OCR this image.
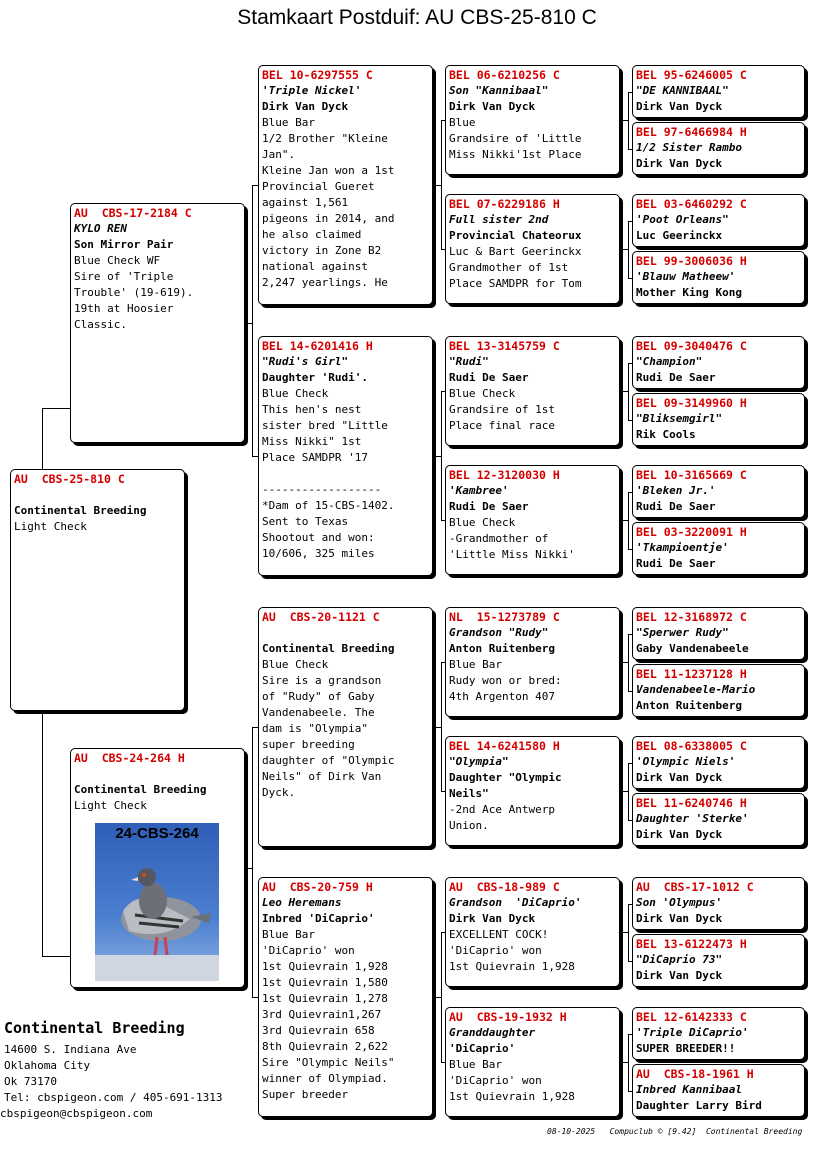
Stamkaart Postduif: AU CBS-25-810 C
AU  CBS-25-810 C
Continental Breeding
Light Check
AU  CBS-17-2184 C
KYLO REN
Son Mirror Pair
Blue Check WF
Sire of 'Triple
Trouble' (19-619).
19th at Hoosier
Classic.
AU  CBS-24-264 H
Continental Breeding
Light Check
24-CBS-264
BEL 10-6297555 C
'Triple Nickel'
Dirk Van Dyck
Blue Bar
1/2 Brother "Kleine
Jan".
Kleine Jan won a 1st
Provincial Gueret
against 1,561
pigeons in 2014, and
he also claimed
victory in Zone B2
national against
2,247 yearlings. He
BEL 14-6201416 H
"Rudi's Girl"
Daughter 'Rudi'.
Blue Check
This hen's nest
sister bred "Little
Miss Nikki" 1st
Place SAMDPR '17
------------------
*Dam of 15-CBS-1402.
Sent to Texas
Shootout and won:
10/606, 325 miles
AU  CBS-20-1121 C
Continental Breeding
Blue Check
Sire is a grandson
of "Rudy" of Gaby
Vandenabeele. The
dam is "Olympia"
super breeding
daughter of "Olympic
Neils" of Dirk Van
Dyck.
AU  CBS-20-759 H
Leo Heremans
Inbred 'DiCaprio'
Blue Bar
'DiCaprio' won
1st Quievrain 1,928
1st Quievrain 1,580
1st Quievrain 1,278
3rd Quievrain1,267
3rd Quievrain 658
8th Quievrain 2,622
Sire "Olympic Neils"
winner of Olympiad.
Super breeder
BEL 06-6210256 C
Son "Kannibaal"
Dirk Van Dyck
Blue
Grandsire of 'Little
Miss Nikki'1st Place
BEL 07-6229186 H
Full sister 2nd
Provincial Chateorux
Luc & Bart Geerinckx
Grandmother of 1st
Place SAMDPR for Tom
BEL 13-3145759 C
"Rudi"
Rudi De Saer
Blue Check
Grandsire of 1st
Place final race
BEL 12-3120030 H
'Kambree'
Rudi De Saer
Blue Check
-Grandmother of
'Little Miss Nikki'
NL  15-1273789 C
Grandson "Rudy"
Anton Ruitenberg
Blue Bar
Rudy won or bred:
4th Argenton 407
BEL 14-6241580 H
"Olympia"
Daughter "Olympic
Neils"
-2nd Ace Antwerp
Union.
AU  CBS-18-989 C
Grandson  'DiCaprio'
Dirk Van Dyck
EXCELLENT COCK!
'DiCaprio' won
1st Quievrain 1,928
AU  CBS-19-1932 H
Granddaughter
'DiCaprio'
Blue Bar
'DiCaprio' won
1st Quievrain 1,928
BEL 95-6246005 C
"DE KANNIBAAL"
Dirk Van Dyck
BEL 97-6466984 H
1/2 Sister Rambo
Dirk Van Dyck
BEL 03-6460292 C
'Poot Orleans"
Luc Geerinckx
BEL 99-3006036 H
'Blauw Matheew'
Mother King Kong
BEL 09-3040476 C
"Champion"
Rudi De Saer
BEL 09-3149960 H
"Bliksemgirl"
Rik Cools
BEL 10-3165669 C
'Bleken Jr.'
Rudi De Saer
BEL 03-3220091 H
'Tkampioentje'
Rudi De Saer
BEL 12-3168972 C
"Sperwer Rudy"
Gaby Vandenabeele
BEL 11-1237128 H
Vandenabeele-Mario
Anton Ruitenberg
BEL 08-6338005 C
'Olympic Niels'
Dirk Van Dyck
BEL 11-6240746 H
Daughter 'Sterke'
Dirk Van Dyck
AU  CBS-17-1012 C
Son 'Olympus'
Dirk Van Dyck
BEL 13-6122473 H
"DiCaprio 73"
Dirk Van Dyck
BEL 12-6142333 C
'Triple DiCaprio'
SUPER BREEDER!!
AU  CBS-18-1961 H
Inbred Kannibaal
Daughter Larry Bird
Continental Breeding
14600 S. Indiana Ave
Oklahoma City
Ok 73170
Tel: cbspigeon.com / 405-691-1313
cbspigeon@cbspigeon.com
08-10-2025   Compuclub © [9.42]  Continental Breeding
